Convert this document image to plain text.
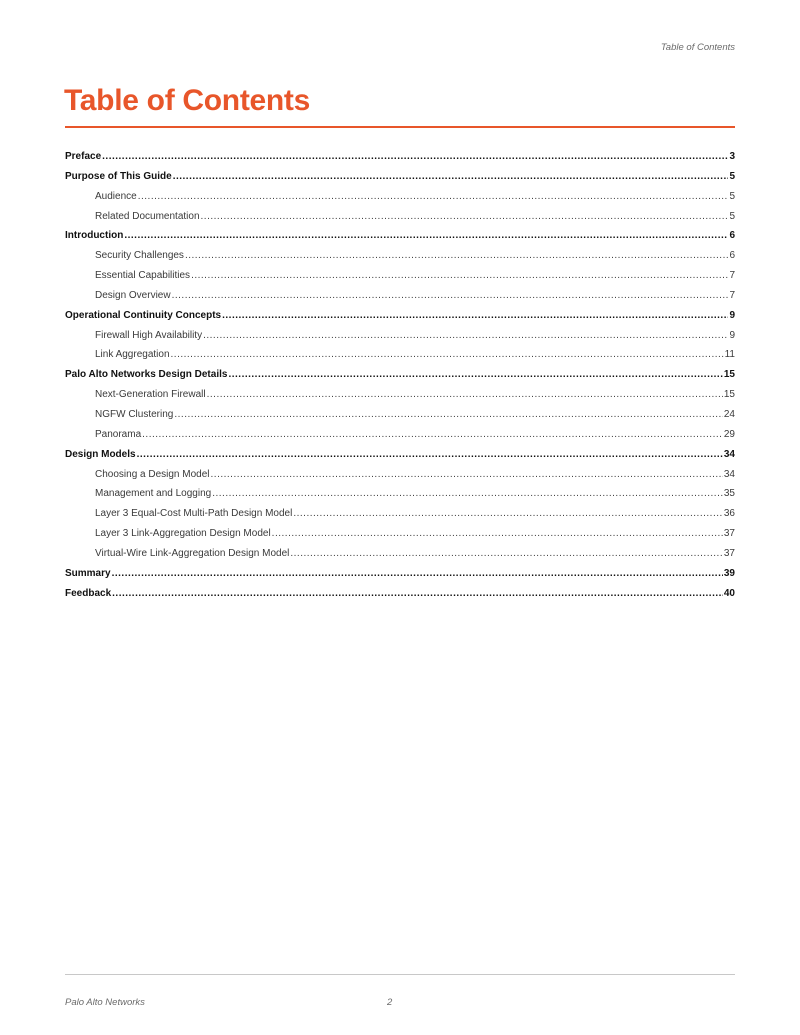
Table of Contents
Table of Contents
Preface .....	3
Purpose of This Guide .....	5
Audience .....	5
Related Documentation .....	5
Introduction .....	6
Security Challenges .....	6
Essential Capabilities .....	7
Design Overview .....	7
Operational Continuity Concepts .....	9
Firewall High Availability .....	9
Link Aggregation .....	11
Palo Alto Networks Design Details .....	15
Next-Generation Firewall .....	15
NGFW Clustering .....	24
Panorama .....	29
Design Models .....	34
Choosing a Design Model .....	34
Management and Logging .....	35
Layer 3 Equal-Cost Multi-Path Design Model .....	36
Layer 3 Link-Aggregation Design Model .....	37
Virtual-Wire Link-Aggregation Design Model .....	37
Summary .....	39
Feedback .....	40
Palo Alto Networks	2
